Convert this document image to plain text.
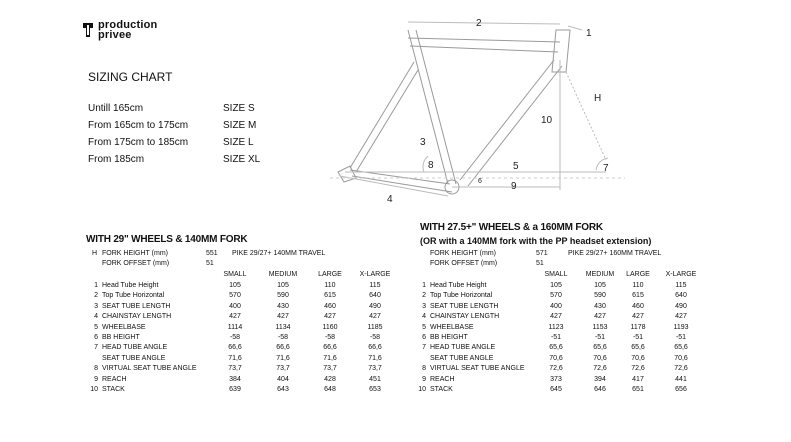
production
privee
SIZING CHART
Untill 165cm	SIZE S
From 165cm to 175cm	SIZE M
From 175cm to 185cm	SIZE L
From 185cm	SIZE XL
2
1
H
10
3
8	5	7
6	9
4
WITH 29" WHEELS & 140MM FORK
H FORK HEIGHT (mm)	551 PIKE 29/27+ 140MM TRAVEL
FORK OFFSET (mm)	51
SMALL	MEDIUM	LARGE	X-LARGE
1 Head Tube Height	105	105	110	115
2 Top Tube Horizontal	570	590	615	640
3 SEAT TUBE LENGTH	400	430	460	490
4 CHAINSTAY LENGTH	427	427	427	427
5 WHEELBASE	1114	1134	1160	1185
6 BB HEIGHT	-58	-58	-58	-58
7 HEAD TUBE ANGLE	66,6	66,6	66,6	66,6
SEAT TUBE ANGLE	71,6	71,6	71,6	71,6
8 VIRTUAL SEAT TUBE ANGLE	73,7	73,7	73,7	73,7
9 REACH	384	404	428	451
10 STACK	639	643	648	653
WITH 27.5+" WHEELS & a 160MM FORK
(OR with a 140MM fork with the PP headset extension)
FORK HEIGHT (mm)	571	PIKE 29/27+ 160MM TRAVEL
FORK OFFSET (mm)	51
SMALL	MEDIUM	LARGE	X-LARGE
1 Head Tube Height	105	105	110	115
2 Top Tube Horizontal	570	590	615	640
3 SEAT TUBE LENGTH	400	430	460	490
4 CHAINSTAY LENGTH	427	427	427	427
5 WHEELBASE	1123	1153	1178	1193
6 BB HEIGHT	-51	-51	-51	-51
7 HEAD TUBE ANGLE	65,6	65,6	65,6	65,6
SEAT TUBE ANGLE	70,6	70,6	70,6	70,6
8 VIRTUAL SEAT TUBE ANGLE	72,6	72,6	72,6	72,6
9 REACH	373	394	417	441
10 STACK	645	646	651	656
